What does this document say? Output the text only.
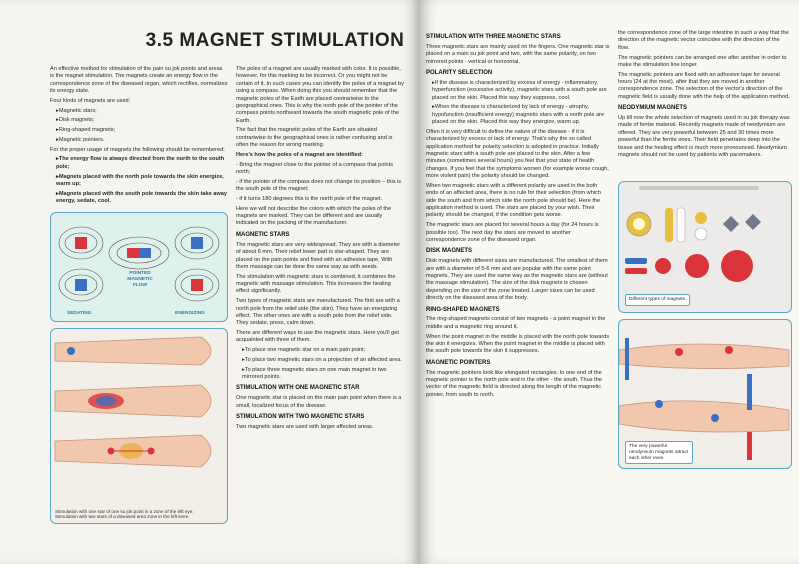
3.5 MAGNET STIMULATION

An effective method for stimulation of the pain su jok points and areas is the magnet stimulation. The magnets create an energy flow in the correspondence zone of the diseased organ, which rectifies, normalizes its energy state.

Four kinds of magnets are used:

▸ Magnetic stars;

▸ Disk magnets;

▸ Ring-shaped magnets;

▸ Magnetic pointers.

For the proper usage of magnets the following should be remembered:

▸ The energy flow is always directed from the north to the south pole;

▸ Magnets placed with the north pole towards the skin energize, warm up;

▸ Magnets placed with the south pole towards the skin take away energy, sedate, cool.

POINTED MAGNETIC FLOW
SEDATING	ENERGIZING
Stimulation with one star of one su jok point in a zone of the left eye. Stimulation with two stars of a diseased area zone in the left knee.

The poles of a magnet are usually marked with color. It is possible, however, for this marking to be incorrect. Or you might not be certain of it. In such cases you can identify the poles of a magnet by using a compass. When doing this you should remember that the magnetic poles of the Earth are placed contrariwise to the geographical ones. This is why the north pole of the pointer of the compass points northward towards the south magnetic pole of the Earth.

The fact that the magnetic poles of the Earth are situated contrariwise to the geographical ones is rather confusing and is often the reason for wrong marking.

Here's how the poles of a magnet are identified:

- Bring the magnet close to the pointer of a compass that points north;

- if the pointer of the compass does not change its position – this is the south pole of the magnet;

- if it turns 180 degrees this is the north pole of the magnet.

Here we will not describe the colors with which the poles of the magnets are marked. They can be different and are usually indicated on the packing of the manufacturer.

MAGNETIC STARS

The magnetic stars are very widespread. They are with a diameter of about 6 mm. Their relief lower part is star-shaped. They are placed on the pain points and fixed with an adhesive tape. With them massage can be done the same way as with seeds.

The stimulation with magnetic stars is combined, it combines the magnetic with massage stimulation. This increases the healing effect significantly.

Two types of magnetic stars are manufactured. The first are with a north pole from the relief side (the skin). They have an energizing effect. The other ones are with a south pole from the relief side. They sedate, press, calm down.

There are different ways to use the magnetic stars. Here you'll get acquainted with three of them.

▸ To place one magnetic star on a main pain point;

▸ To place two magnetic stars on a projection of an affected area.

▸ To place three magnetic stars on one main magnet in two mirrored points.

STIMULATION WITH ONE MAGNETIC STAR

One magnetic star is placed on the main pain point when there is a small, localized focus of the disease.

STIMULATION WITH TWO MAGNETIC STARS

Two magnetic stars are used with larger affected areas.

STIMULATION WITH THREE MAGNETIC STARS

Three magnetic stars are mainly used on the fingers. One magnetic star is placed on a main su jok point and two, with the same polarity, on two mirrored points - vertical or horizontal.

POLARITY SELECTION

▸ If the disease is characterized by excess of energy - inflammatory, hyperfunction (excessive activity), magnetic stars with a south pole are placed on the skin. Placed this way they suppress, cool.

▸ When the disease is characterized by lack of energy - atrophy, hypofunction (insufficient energy) magnetic stars with a north pole are placed on the skin. Placed this way they energize, warm up.

Often it is very difficult to define the nature of the disease - if it is characterized by excess or lack of energy. That's why the so called application method for polarity selection is adopted in practice. Initially magnetic stars with a south pole are placed to the skin. After a few minutes (sometimes several hours) you feel that your state of health changes. If you feel that the symptoms worsen (for example worse cough, more violent pain) the polarity should be changed.

When two magnetic stars with a different polarity are used in the both ends of an affected area, there is no rule for their selection (from which side the south and from which side the north pole should be). Here the application method is used. The stars are placed by your wish. Their polarity should be changed, if the condition gets worse.

The magnetic stars are placed for several hours a day (for 24 hours is possible too). The next day the stars are moved to another correspondence zone of the diseased organ.

DISK MAGNETS

Disk magnets with different sizes are manufactured. The smallest of them are with a diameter of 5-6 mm and are popular with the same point magnets. They are used the same way as the magnetic stars are (without the massage stimulation). The size of the disk magnets is chosen depending on the size of the zone treated. Larger sizes can be used directly on the diseased area of the body.

RING-SHAPED MAGNETS

The ring-shaped magnets consist of two magnets - a point magnet in the middle and a magnetic ring around it.

When the point magnet in the middle is placed with the north pole towards the skin it energizes. When the point magnet in the middle is placed with the south pole towards the skin it suppresses.

MAGNETIC POINTERS

The magnetic pointers look like elongated rectangles. In one end of the magnetic pointer is the north pole and in the other - the south. Thus the vector of the magnetic field is directed along the length of the magnetic pointer, from south to north.

the correspondence zone of the large intestine in such a way that the direction of the magnetic vector coincides with the direction of the flow.

The magnetic pointers can be arranged one after another in order to make the stimulation line longer.

The magnetic pointers are fixed with an adhesive tape for several hours (24 at the most), after that they are moved in another correspondence zone. The selection of the vector's direction of the magnetic field is usually done with the help of the application method.

NEODYMIUM MAGNETS

Up till now the whole selection of magnets used in su jok therapy was made of ferrite material. Recently magnets made of neodymium are offered. They are very powerful between 25 and 30 times more powerful than the ferrite ones. Their field penetrates deep into the tissue and the healing effect is much more pronounced. Neodymium magnets should not be used by patients with pacemakers.

Different types of magnets.
The very powerful neodymium magnets attract each other even
